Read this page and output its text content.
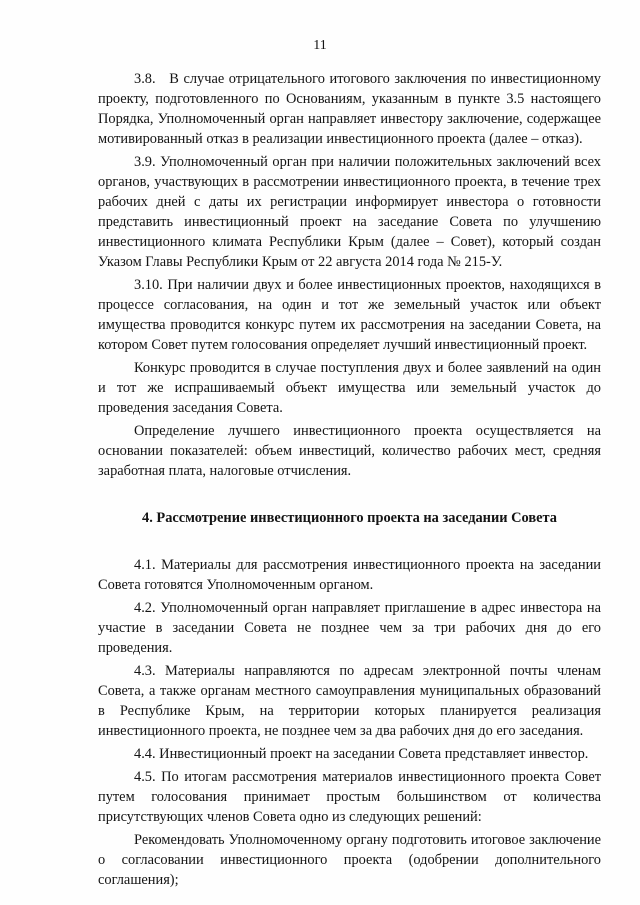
11

3.8.   В случае отрицательного итогового заключения по инвестиционному проекту, подготовленного по Основаниям, указанным в пункте 3.5 настоящего Порядка, Уполномоченный орган направляет инвестору заключение, содержащее мотивированный отказ в реализации инвестиционного проекта (далее – отказ).

3.9. Уполномоченный орган при наличии положительных заключений всех органов, участвующих в рассмотрении инвестиционного проекта, в течение трех рабочих дней с даты их регистрации информирует инвестора о готовности представить инвестиционный проект на заседание Совета по улучшению инвестиционного климата Республики Крым (далее – Совет), который создан Указом Главы Республики Крым от 22 августа 2014 года № 215-У.

3.10. При наличии двух и более инвестиционных проектов, находящихся в процессе согласования, на один и тот же земельный участок или объект имущества проводится конкурс путем их рассмотрения на заседании Совета, на котором Совет путем голосования определяет лучший инвестиционный проект.

Конкурс проводится в случае поступления двух и более заявлений на один и тот же испрашиваемый объект имущества или земельный участок до проведения заседания Совета.

Определение лучшего инвестиционного проекта осуществляется на основании показателей: объем инвестиций, количество рабочих мест, средняя заработная плата, налоговые отчисления.

4. Рассмотрение инвестиционного проекта на заседании Совета

4.1. Материалы для рассмотрения инвестиционного проекта на заседании Совета готовятся Уполномоченным органом.

4.2. Уполномоченный орган направляет приглашение в адрес инвестора на участие в заседании Совета не позднее чем за три рабочих дня до его проведения.

4.3. Материалы направляются по адресам электронной почты членам Совета, а также органам местного самоуправления муниципальных образований в Республике Крым, на территории которых планируется реализация инвестиционного проекта, не позднее чем за два рабочих дня до его заседания.

4.4. Инвестиционный проект на заседании Совета представляет инвестор.

4.5. По итогам рассмотрения материалов инвестиционного проекта Совет путем голосования принимает простым большинством от количества присутствующих членов Совета одно из следующих решений:

Рекомендовать Уполномоченному органу подготовить итоговое заключение о согласовании инвестиционного проекта (одобрении дополнительного соглашения);
